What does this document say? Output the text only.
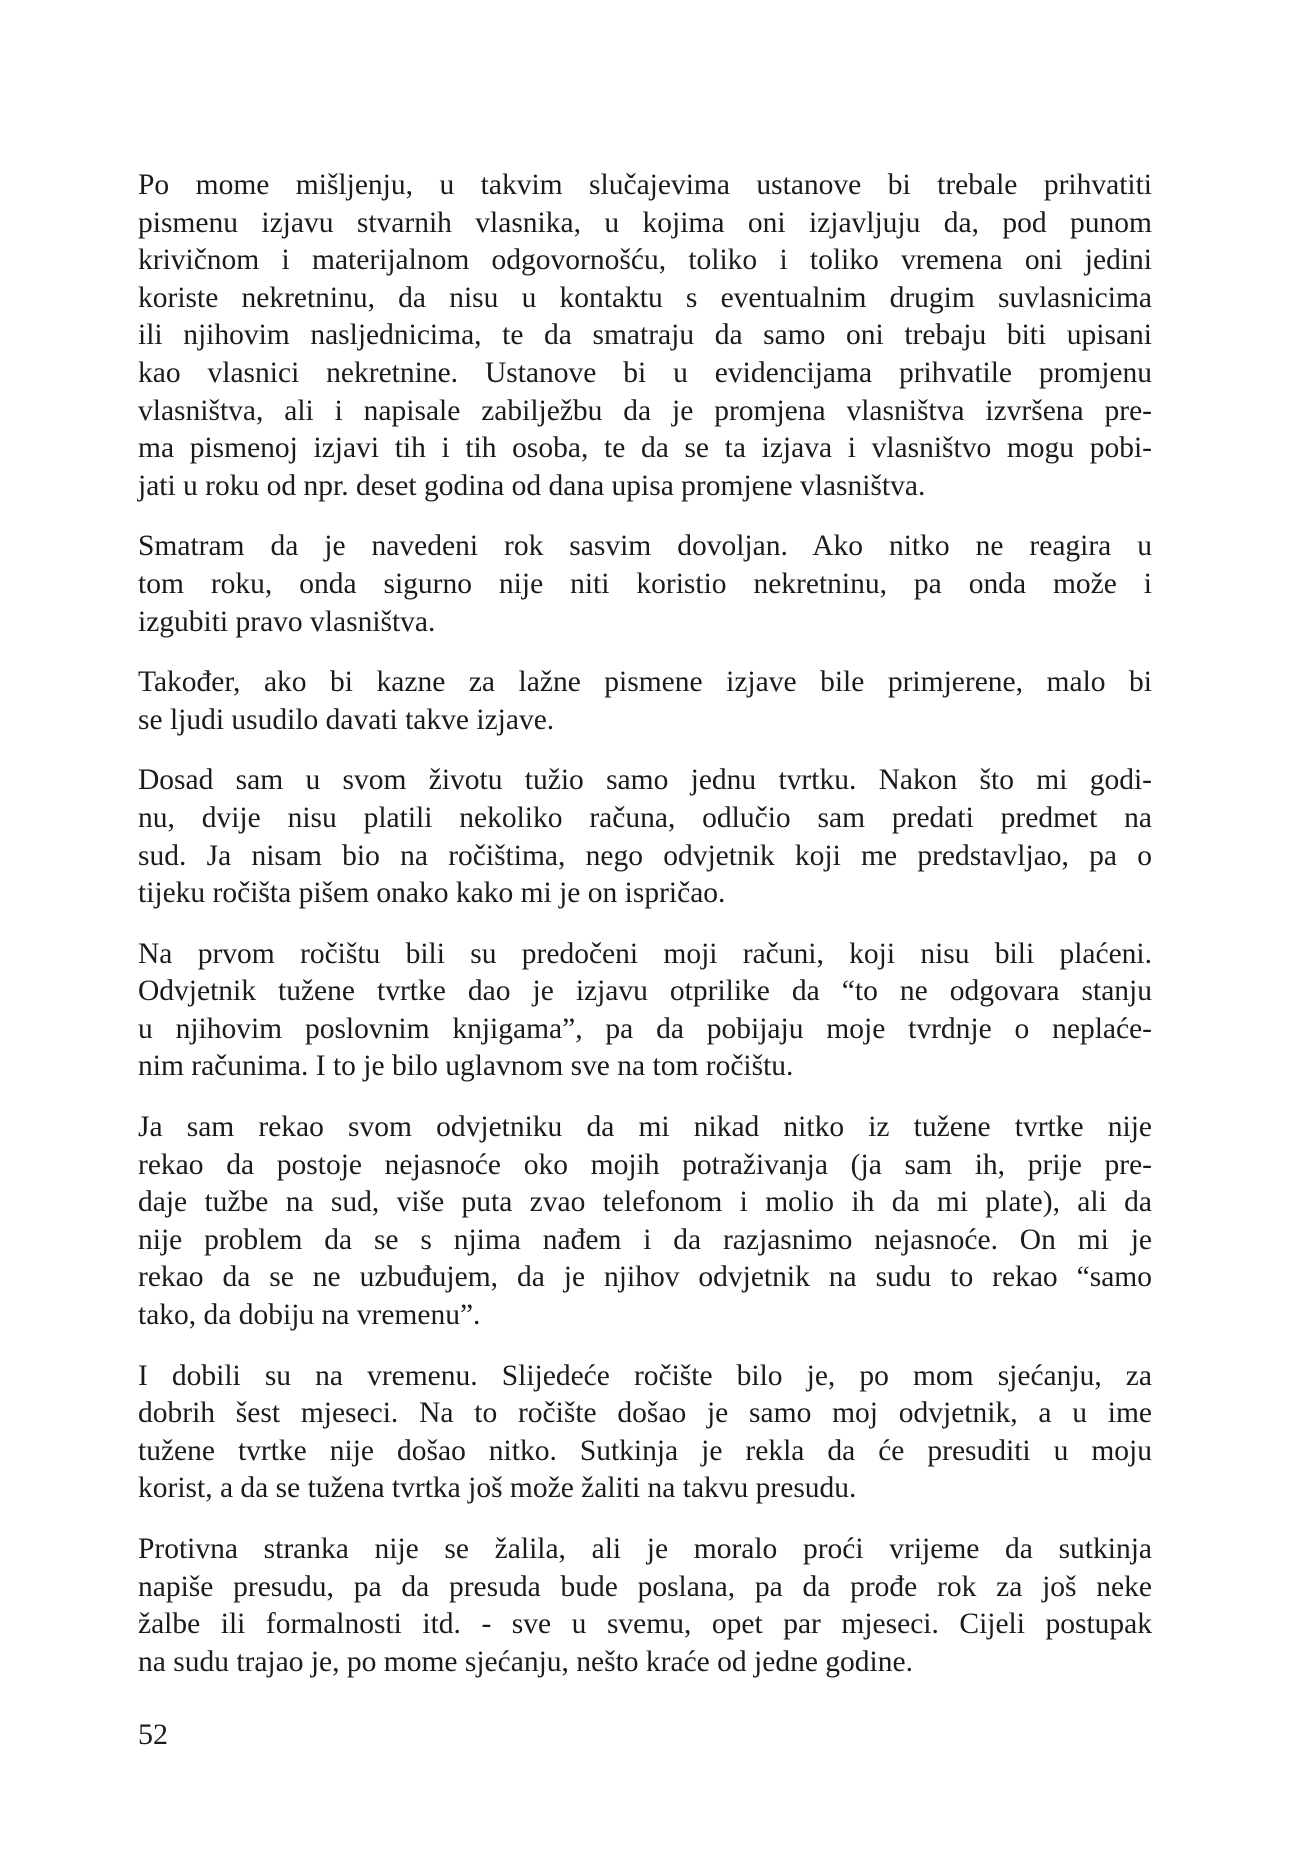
Po mome mišljenju, u takvim slučajevima ustanove bi trebale prihvatiti
pismenu izjavu stvarnih vlasnika, u kojima oni izjavljuju da, pod punom
krivičnom i materijalnom odgovornošću, toliko i toliko vremena oni jedini
koriste nekretninu, da nisu u kontaktu s eventualnim drugim suvlasnicima
ili njihovim nasljednicima, te da smatraju da samo oni trebaju biti upisani
kao vlasnici nekretnine. Ustanove bi u evidencijama prihvatile promjenu
vlasništva, ali i napisale zabilježbu da je promjena vlasništva izvršena pre-
ma pismenoj izjavi tih i tih osoba, te da se ta izjava i vlasništvo mogu pobi-
jati u roku od npr. deset godina od dana upisa promjene vlasništva.
Smatram da je navedeni rok sasvim dovoljan. Ako nitko ne reagira u
tom roku, onda sigurno nije niti koristio nekretninu, pa onda može i
izgubiti pravo vlasništva.
Također, ako bi kazne za lažne pismene izjave bile primjerene, malo bi
se ljudi usudilo davati takve izjave.
Dosad sam u svom životu tužio samo jednu tvrtku. Nakon što mi godi-
nu, dvije nisu platili nekoliko računa, odlučio sam predati predmet na
sud. Ja nisam bio na ročištima, nego odvjetnik koji me predstavljao, pa o
tijeku ročišta pišem onako kako mi je on ispričao.
Na prvom ročištu bili su predočeni moji računi, koji nisu bili plaćeni.
Odvjetnik tužene tvrtke dao je izjavu otprilike da “to ne odgovara stanju
u njihovim poslovnim knjigama”, pa da pobijaju moje tvrdnje o neplaće-
nim računima. I to je bilo uglavnom sve na tom ročištu.
Ja sam rekao svom odvjetniku da mi nikad nitko iz tužene tvrtke nije
rekao da postoje nejasnoće oko mojih potraživanja (ja sam ih, prije pre-
daje tužbe na sud, više puta zvao telefonom i molio ih da mi plate), ali da
nije problem da se s njima nađem i da razjasnimo nejasnoće. On mi je
rekao da se ne uzbuđujem, da je njihov odvjetnik na sudu to rekao “samo
tako, da dobiju na vremenu”.
I dobili su na vremenu. Slijedeće ročište bilo je, po mom sjećanju, za
dobrih šest mjeseci. Na to ročište došao je samo moj odvjetnik, a u ime
tužene tvrtke nije došao nitko. Sutkinja je rekla da će presuditi u moju
korist, a da se tužena tvrtka još može žaliti na takvu presudu.
Protivna stranka nije se žalila, ali je moralo proći vrijeme da sutkinja
napiše presudu, pa da presuda bude poslana, pa da prođe rok za još neke
žalbe ili formalnosti itd. - sve u svemu, opet par mjeseci. Cijeli postupak
na sudu trajao je, po mome sjećanju, nešto kraće od jedne godine.
52
